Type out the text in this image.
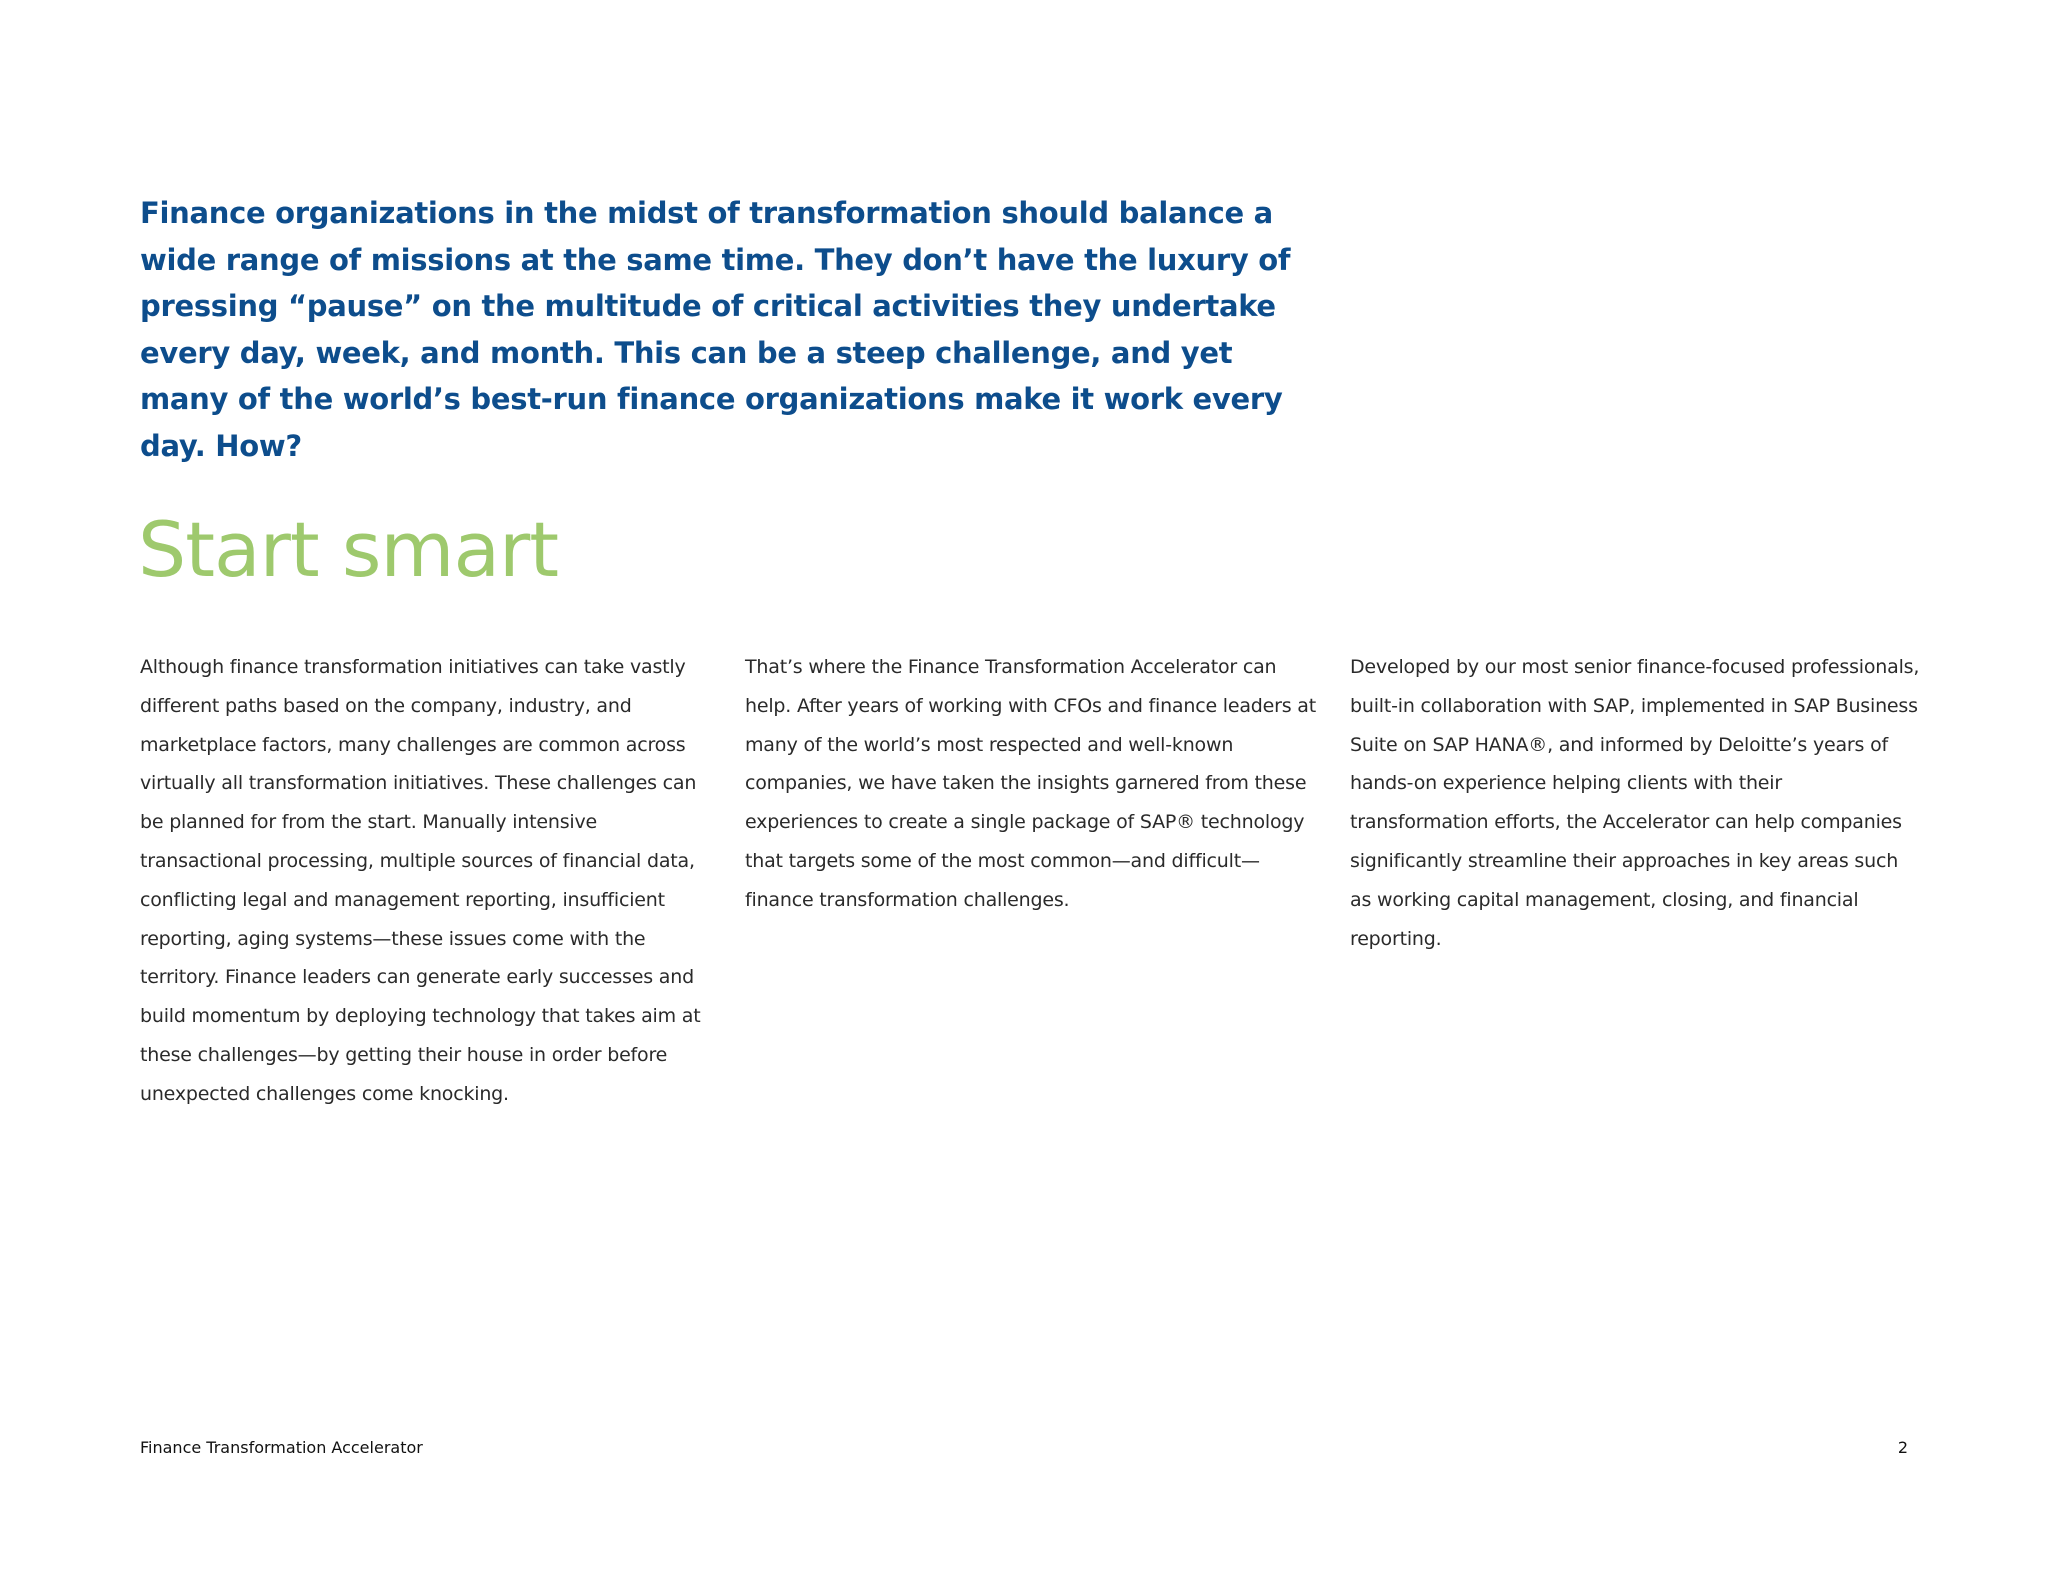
Finance organizations in the midst of transformation should balance a wide range of missions at the same time. They don’t have the luxury of pressing “pause” on the multitude of critical activities they undertake every day, week, and month. This can be a steep challenge, and yet many of the world’s best-run finance organizations make it work every day. How?

Start smart

Although finance transformation initiatives can take vastly different paths based on the company, industry, and marketplace factors, many challenges are common across virtually all transformation initiatives. These challenges can be planned for from the start. Manually intensive transactional processing, multiple sources of financial data, conflicting legal and management reporting, insufficient reporting, aging systems—these issues come with the territory. Finance leaders can generate early successes and build momentum by deploying technology that takes aim at these challenges—by getting their house in order before unexpected challenges come knocking.

That’s where the Finance Transformation Accelerator can help. After years of working with CFOs and finance leaders at many of the world’s most respected and well-known companies, we have taken the insights garnered from these experiences to create a single package of SAP® technology that targets some of the most common—and difficult—finance transformation challenges.

Developed by our most senior finance-focused professionals, built-in collaboration with SAP, implemented in SAP Business Suite on SAP HANA®, and informed by Deloitte’s years of hands-on experience helping clients with their transformation efforts, the Accelerator can help companies significantly streamline their approaches in key areas such as working capital management, closing, and financial reporting.

Finance Transformation Accelerator	2
